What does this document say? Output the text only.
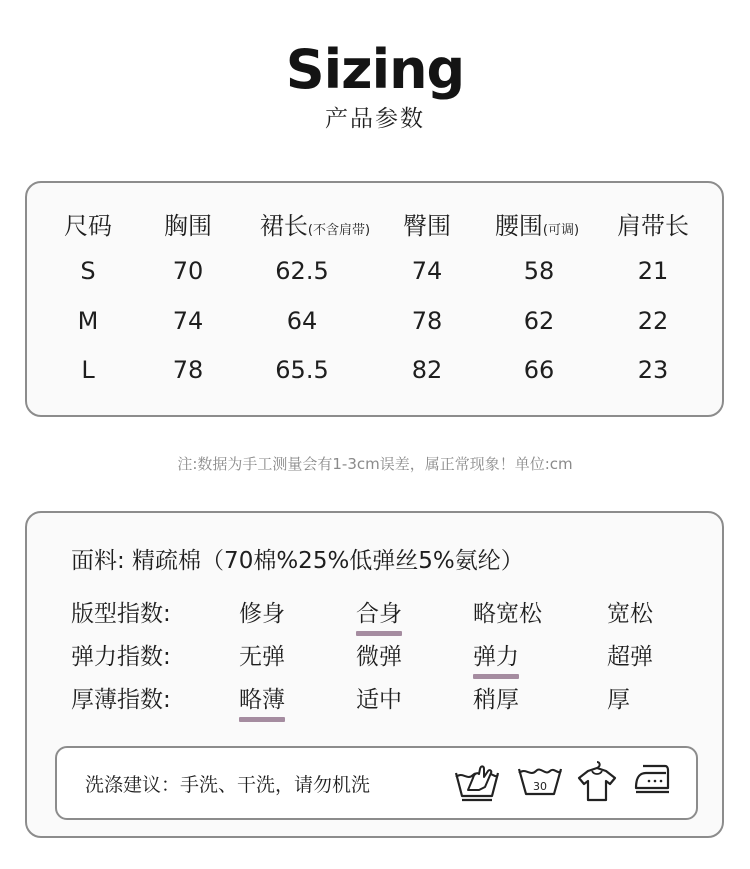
Sizing
产品参数
尺码 胸围 裙长(不含肩带) 臀围 腰围(可调) 肩带长
S	70	62.5	74	58	21
M	74	64	78	62	22
L	78	65.5	82	66	23
注:数据为手工测量会有1-3cm误差，属正常现象！单位:cm
面料: 精疏棉（70棉%25%低弹丝5%氨纶）
版型指数:	修身	合身	略宽松	宽松
弹力指数:	无弹	微弹	弹力	超弹
厚薄指数:	略薄	适中	稍厚	厚
洗涤建议：手洗、干洗，请勿机洗	30
